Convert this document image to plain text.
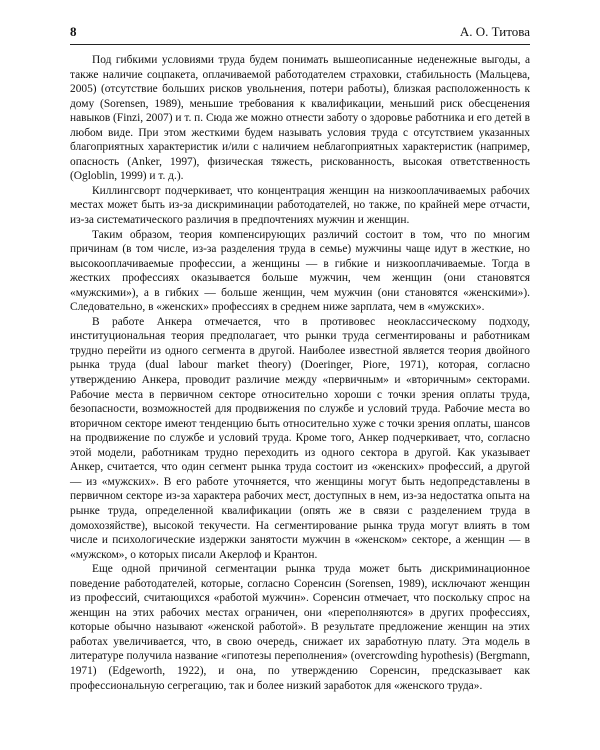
8	А. О. Титова

Под гибкими условиями труда будем понимать вышеописанные неденежные выгоды, а также наличие соцпакета, оплачиваемой работодателем страховки, стабильность (Мальцева, 2005) (отсутствие больших рисков увольнения, потери работы), близкая расположенность к дому (Sorensen, 1989), меньшие требования к квалификации, меньший риск обесценения навыков (Finzi, 2007) и т. п. Сюда же можно отнести заботу о здоровье работника и его детей в любом виде. При этом жесткими будем называть условия труда с отсутствием указанных благоприятных характеристик и/или с наличием неблагоприятных характеристик (например, опасность (Anker, 1997), физическая тяжесть, рискованность, высокая ответственность (Ogloblin, 1999) и т. д.).

Киллингсворт подчеркивает, что концентрация женщин на низкооплачиваемых рабочих местах может быть из-за дискриминации работодателей, но также, по крайней мере отчасти, из-за систематического различия в предпочтениях мужчин и женщин.

Таким образом, теория компенсирующих различий состоит в том, что по многим причинам (в том числе, из-за разделения труда в семье) мужчины чаще идут в жесткие, но высокооплачиваемые профессии, а женщины — в гибкие и низкооплачиваемые. Тогда в жестких профессиях оказывается больше мужчин, чем женщин (они становятся «мужскими»), а в гибких — больше женщин, чем мужчин (они становятся «женскими»). Следовательно, в «женских» профессиях в среднем ниже зарплата, чем в «мужских».

В работе Анкера отмечается, что в противовес неоклассическому подходу, институциональная теория предполагает, что рынки труда сегментированы и работникам трудно перейти из одного сегмента в другой. Наиболее известной является теория двойного рынка труда (dual labour market theory) (Doeringer, Piore, 1971), которая, согласно утверждению Анкера, проводит различие между «первичным» и «вторичным» секторами. Рабочие места в первичном секторе относительно хороши с точки зрения оплаты труда, безопасности, возможностей для продвижения по службе и условий труда. Рабочие места во вторичном секторе имеют тенденцию быть относительно хуже с точки зрения оплаты, шансов на продвижение по службе и условий труда. Кроме того, Анкер подчеркивает, что, согласно этой модели, работникам трудно переходить из одного сектора в другой. Как указывает Анкер, считается, что один сегмент рынка труда состоит из «женских» профессий, а другой — из «мужских». В его работе уточняется, что женщины могут быть недопредставлены в первичном секторе из-за характера рабочих мест, доступных в нем, из-за недостатка опыта на рынке труда, определенной квалификации (опять же в связи с разделением труда в домохозяйстве), высокой текучести. На сегментирование рынка труда могут влиять в том числе и психологические издержки занятости мужчин в «женском» секторе, а женщин — в «мужском», о которых писали Акерлоф и Крантон.

Еще одной причиной сегментации рынка труда может быть дискриминационное поведение работодателей, которые, согласно Соренсин (Sorensen, 1989), исключают женщин из профессий, считающихся «работой мужчин». Соренсин отмечает, что поскольку спрос на женщин на этих рабочих местах ограничен, они «переполняются» в других профессиях, которые обычно называют «женской работой». В результате предложение женщин на этих работах увеличивается, что, в свою очередь, снижает их заработную плату. Эта модель в литературе получила название «гипотезы переполнения» (overcrowding hypothesis) (Bergmann, 1971) (Edgeworth, 1922), и она, по утверждению Соренсин, предсказывает как профессиональную сегрегацию, так и более низкий заработок для «женского труда».
